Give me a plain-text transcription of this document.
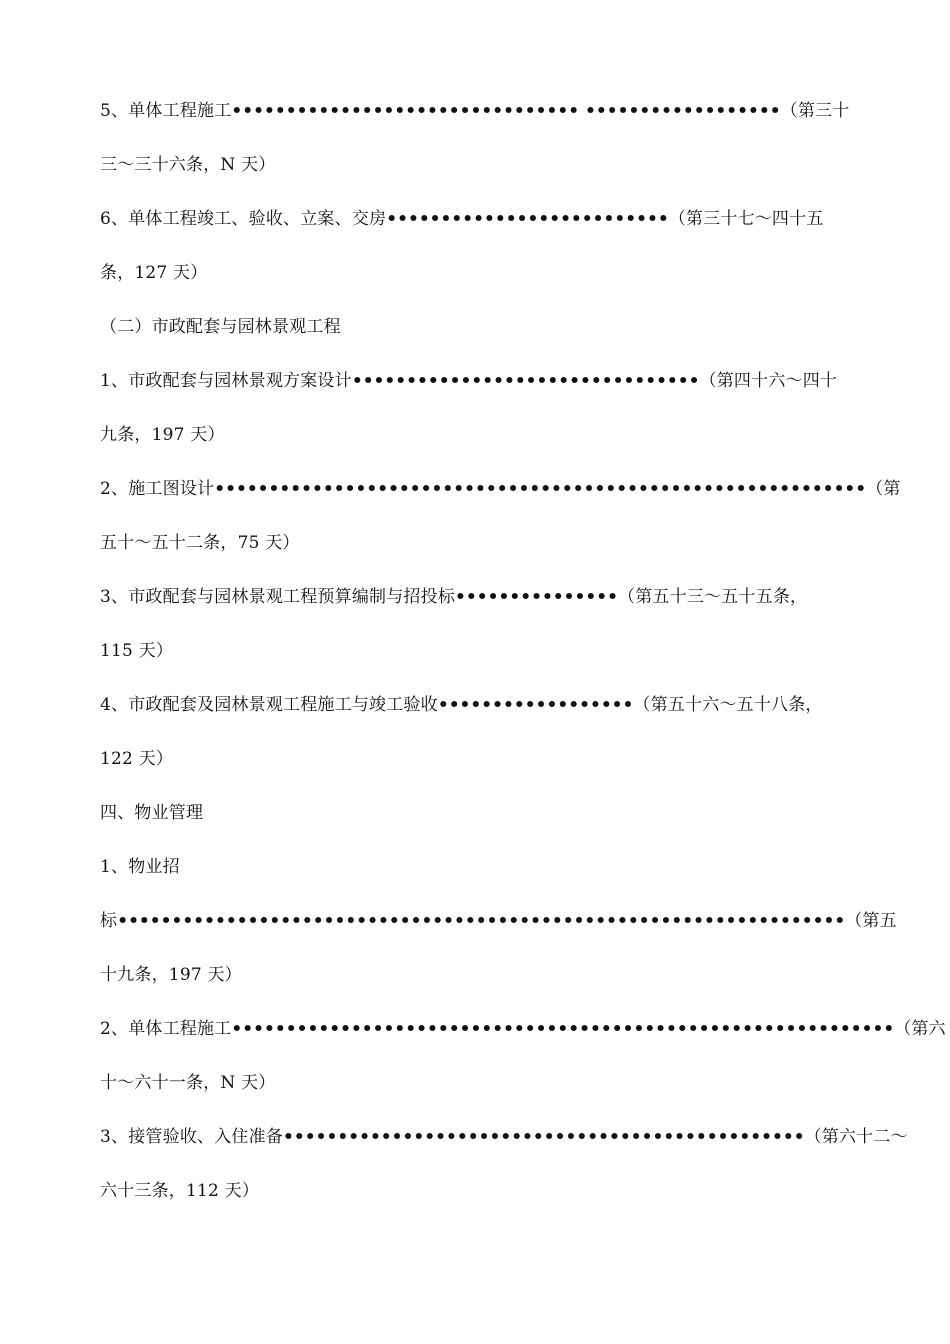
5、单体工程施工•••••••••••••••••••••••••••••••• ••••••••••••••••••（第三十
三～三十六条，N 天）
6、单体工程竣工、验收、立案、交房••••••••••••••••••••••••••（第三十七～四十五
条，127 天）
（二）市政配套与园林景观工程
1、市政配套与园林景观方案设计••••••••••••••••••••••••••••••••（第四十六～四十
九条，197 天）
2、施工图设计••••••••••••••••••••••••••••••••••••••••••••••••••••••••••••（第
五十～五十二条，75 天）
3、市政配套与园林景观工程预算编制与招投标•••••••••••••••（第五十三～五十五条，
115 天）
4、市政配套及园林景观工程施工与竣工验收••••••••••••••••••（第五十六～五十八条，
122 天）
四、物业管理
1、物业招
标•••••••••••••••••••••••••••••••••••••••••••••••••••••••••••••••••••（第五
十九条，197 天）
2、单体工程施工•••••••••••••••••••••••••••••••••••••••••••••••••••••••••••••（第六
十～六十一条，N 天）
3、接管验收、入住准备••••••••••••••••••••••••••••••••••••••••••••••••（第六十二～
六十三条，112 天）
